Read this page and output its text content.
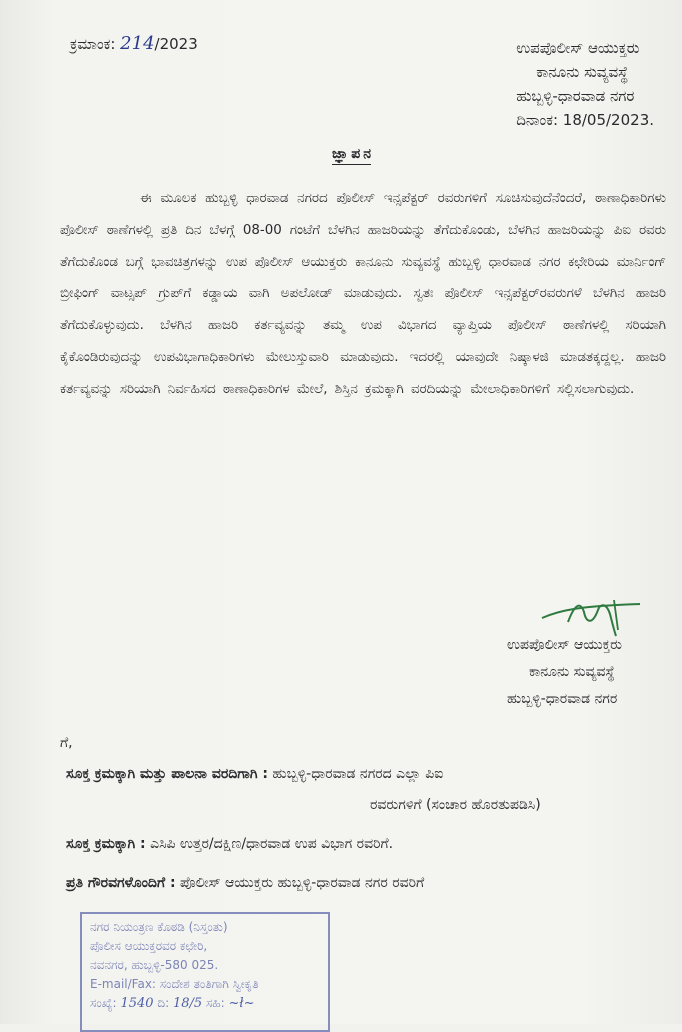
ಕ್ರಮಾಂಕ: 214/2023	ಉಪಪೊಲೀಸ್ ಆಯುಕ್ತರು
ಕಾನೂನು ಸುವ್ಯವಸ್ಥೆ
ಹುಬ್ಬಳ್ಳಿ-ಧಾರವಾಡ ನಗರ
ದಿನಾಂಕ: 18/05/2023.
ಜ್ಞಾಪನ
ಈ ಮೂಲಕ ಹುಬ್ಬಳ್ಳಿ ಧಾರವಾಡ ನಗರದ ಪೊಲೀಸ್ ಇನ್ಸಪೆಕ್ಟರ್ ರವರುಗಳಿಗೆ ಸೂಚಿಸುವುದೆನೆಂದರೆ, ಠಾಣಾಧಿಕಾರಿಗಳು ಪೊಲೀಸ್ ಠಾಣೆಗಳಲ್ಲಿ ಪ್ರತಿ ದಿನ ಬೆಳಗ್ಗೆ 08-00 ಗಂಟೆಗೆ ಬೆಳಗಿನ ಹಾಜರಿಯನ್ನು ತೆಗೆದುಕೊಂಡು, ಬೆಳಗಿನ ಹಾಜರಿಯನ್ನು ಪಿಐ ರವರು ತೆಗೆದುಕೊಂಡ ಬಗ್ಗೆ ಭಾವಚಿತ್ರಗಳನ್ನು ಉಪ ಪೊಲೀಸ್ ಆಯುಕ್ತರು ಕಾನೂನು ಸುವ್ಯವಸ್ಥೆ ಹುಬ್ಬಳ್ಳಿ ಧಾರವಾಡ ನಗರ ಕಛೇರಿಯ ಮಾರ್ನಿಂಗ್ ಬ್ರೀಫಿಂಗ್ ವಾಟ್ಸಪ್ ಗ್ರುಪ್‌ಗೆ ಕಡ್ಡಾಯ ವಾಗಿ ಅಪಲೋಡ್ ಮಾಡುವುದು. ಸ್ವತಃ ಪೊಲೀಸ್ ಇನ್ಸಪೆಕ್ಟರ್‌ರವರುಗಳೆ ಬೆಳಗಿನ ಹಾಜರಿ ತೆಗೆದುಕೊಳ್ಳುವುದು. ಬೆಳಗಿನ ಹಾಜರಿ ಕರ್ತವ್ಯವನ್ನು ತಮ್ಮ ಉಪ ವಿಭಾಗದ ವ್ಯಾಪ್ತಿಯ ಪೊಲೀಸ್ ಠಾಣೆಗಳಲ್ಲಿ ಸರಿಯಾಗಿ ಕೈಕೊಂಡಿರುವುದನ್ನು ಉಪವಿಭಾಗಾಧಿಕಾರಿಗಳು ಮೇಲುಸ್ತುವಾರಿ ಮಾಡುವುದು. ಇದರಲ್ಲಿ ಯಾವುದೇ ನಿಷ್ಕಾಳಜಿ ಮಾಡತಕ್ಕದ್ದಲ್ಲ. ಹಾಜರಿ ಕರ್ತವ್ಯವನ್ನು ಸರಿಯಾಗಿ ನಿರ್ವಹಿಸದ ಠಾಣಾಧಿಕಾರಿಗಳ ಮೇಲೆ, ಶಿಸ್ತಿನ ಕ್ರಮಕ್ಕಾಗಿ ವರದಿಯನ್ನು ಮೇಲಾಧಿಕಾರಿಗಳಿಗೆ ಸಲ್ಲಿಸಲಾಗುವುದು.
ಉಪಪೊಲೀಸ್ ಆಯುಕ್ತರು
ಕಾನೂನು ಸುವ್ಯವಸ್ಥೆ
ಹುಬ್ಬಳ್ಳಿ-ಧಾರವಾಡ ನಗರ
ಗೆ,
ಸೂಕ್ತ ಕ್ರಮಕ್ಕಾಗಿ ಮತ್ತು ಪಾಲನಾ ವರದಿಗಾಗಿ : ಹುಬ್ಬಳ್ಳಿ-ಧಾರವಾಡ ನಗರದ ಎಲ್ಲಾ ಪಿಐ
ರವರುಗಳಿಗೆ (ಸಂಚಾರ ಹೊರತುಪಡಿಸಿ)
ಸೂಕ್ತ ಕ್ರಮಕ್ಕಾಗಿ : ಎಸಿಪಿ ಉತ್ತರ/ದಕ್ಷಿಣ/ಧಾರವಾಡ ಉಪ ವಿಭಾಗ ರವರಿಗೆ.
ಪ್ರತಿ ಗೌರವಗಳೊಂದಿಗೆ : ಪೊಲೀಸ್ ಆಯುಕ್ತರು ಹುಬ್ಬಳ್ಳಿ-ಧಾರವಾಡ ನಗರ ರವರಿಗೆ
ನಗರ ನಿಯಂತ್ರಣ ಕೊಠಡಿ (ನಿಸ್ತಂತು)
ಪೊಲೀಸ ಆಯುಕ್ತರವರ ಕಛೇರಿ,
ನವನಗರ, ಹುಬ್ಬಳ್ಳಿ-580 025.
E-mail/Fax: ಸಂದೇಶ ತಂತಿಗಾಗಿ ಸ್ವೀಕೃತಿ
ಸಂಖ್ಯೆ: 1540 ದಿ: 18/5 ಸಹಿ: ~ł~
